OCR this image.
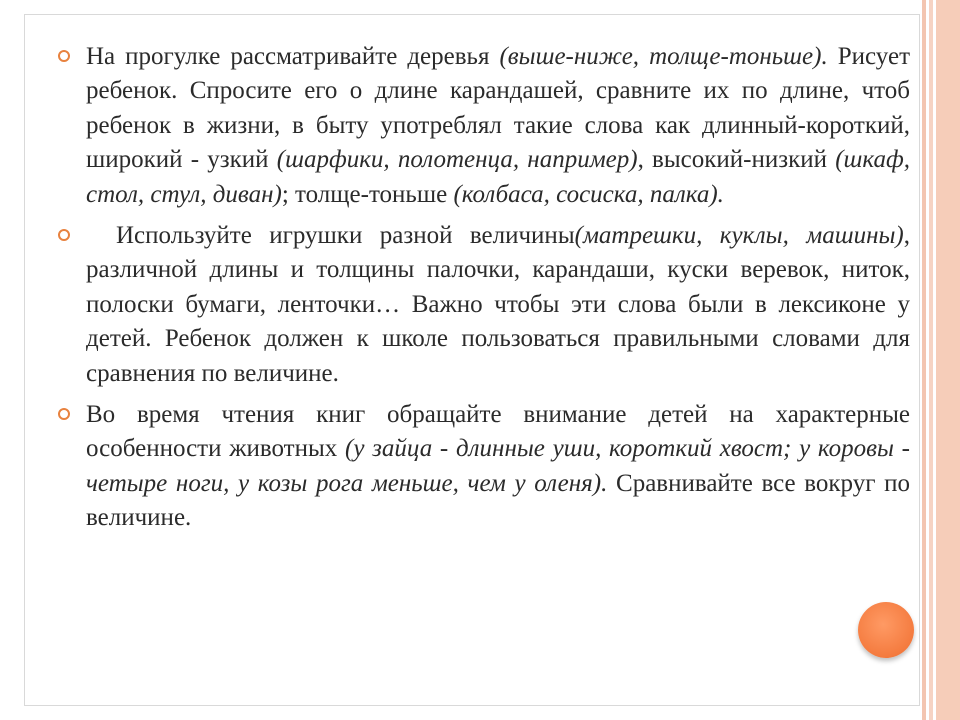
На прогулке рассматривайте деревья (выше-ниже, толще-тоньше). Рисует ребенок. Спросите его о длине карандашей, сравните их по длине, чтоб ребенок в жизни, в быту употреблял такие слова как длинный-короткий, широкий - узкий (шарфики, полотенца, например), высокий-низкий (шкаф, стол, стул, диван); толще-тоньше (колбаса, сосиска, палка).

Используйте игрушки разной величины(матрешки, куклы, машины), различной длины и толщины палочки, карандаши, куски веревок, ниток, полоски бумаги, ленточки… Важно чтобы эти слова были в лексиконе у детей. Ребенок должен к школе пользоваться правильными словами для сравнения по величине.

Во время чтения книг обращайте внимание детей на характерные особенности животных (у зайца - длинные уши, короткий хвост; у коровы - четыре ноги, у козы рога меньше, чем у оленя). Сравнивайте все вокруг по величине.
